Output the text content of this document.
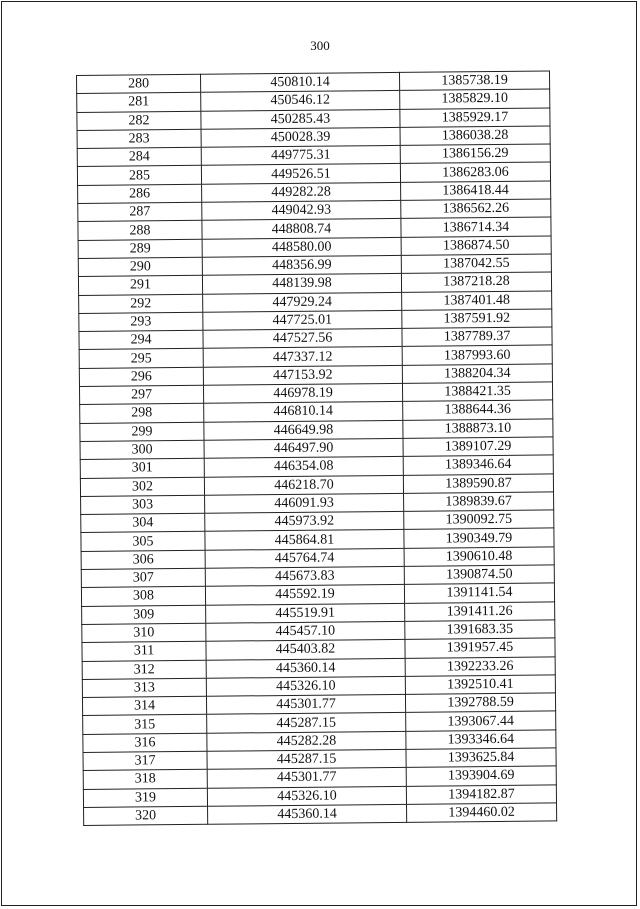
300
280	450810.14	1385738.19
281	450546.12	1385829.10
282	450285.43	1385929.17
283	450028.39	1386038.28
284	449775.31	1386156.29
285	449526.51	1386283.06
286	449282.28	1386418.44
287	449042.93	1386562.26
288	448808.74	1386714.34
289	448580.00	1386874.50
290	448356.99	1387042.55
291	448139.98	1387218.28
292	447929.24	1387401.48
293	447725.01	1387591.92
294	447527.56	1387789.37
295	447337.12	1387993.60
296	447153.92	1388204.34
297	446978.19	1388421.35
298	446810.14	1388644.36
299	446649.98	1388873.10
300	446497.90	1389107.29
301	446354.08	1389346.64
302	446218.70	1389590.87
303	446091.93	1389839.67
304	445973.92	1390092.75
305	445864.81	1390349.79
306	445764.74	1390610.48
307	445673.83	1390874.50
308	445592.19	1391141.54
309	445519.91	1391411.26
310	445457.10	1391683.35
311	445403.82	1391957.45
312	445360.14	1392233.26
313	445326.10	1392510.41
314	445301.77	1392788.59
315	445287.15	1393067.44
316	445282.28	1393346.64
317	445287.15	1393625.84
318	445301.77	1393904.69
319	445326.10	1394182.87
320	445360.14	1394460.02
